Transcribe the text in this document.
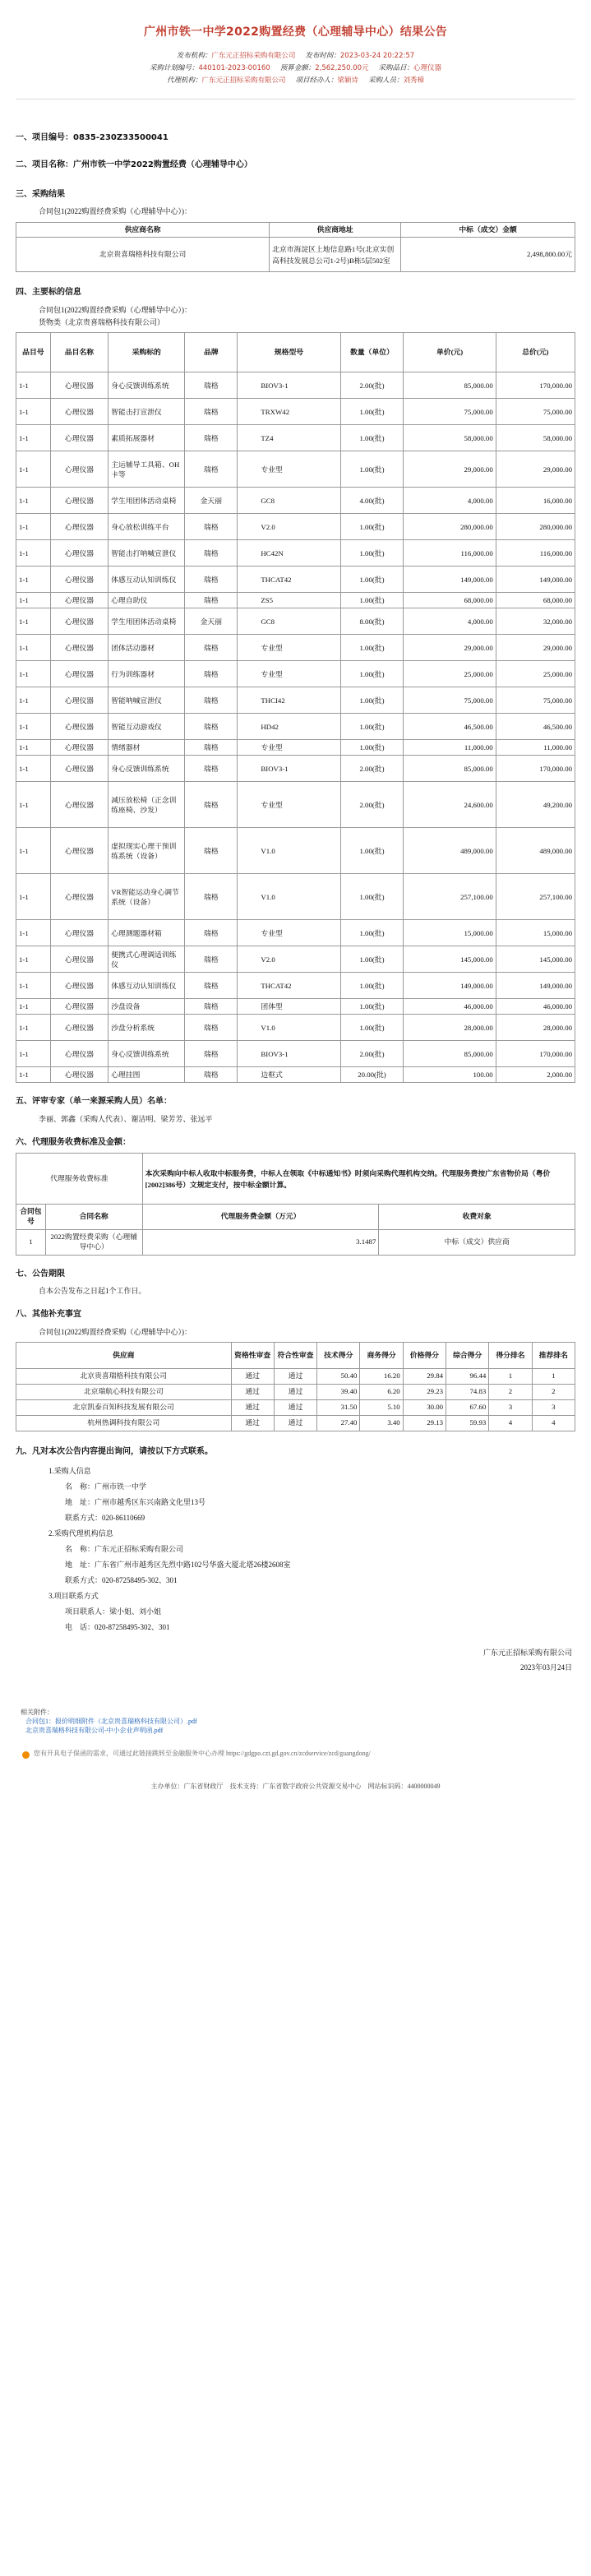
广州市铁一中学2022购置经费（心理辅导中心）结果公告
发布机构：广东元正招标采购有限公司 发布时间：2023-03-24 20:22:57
采购计划编号：440101-2023-00160 预算金额：2,562,250.00元 采购品目：心理仪器
代理机构：广东元正招标采购有限公司 项目经办人：梁颖诗 采购人员：刘秀樟
一、项目编号：0835-230Z33500041
二、项目名称：广州市铁一中学2022购置经费（心理辅导中心）
三、采购结果
合同包1(2022购置经费采购（心理辅导中心）)：
供应商名称	供应商地址	中标（成交）金额
北京贵喜瑞格科技有限公司	北京市海淀区上地信息路1号(北京实创高科技发展总公司1-2号)B栋5层502室	2,498,800.00元
四、主要标的信息
合同包1(2022购置经费采购（心理辅导中心）)：
货物类（北京贵喜瑞格科技有限公司）
品目号	品目名称	采购标的	品牌	规格型号	数量（单位）	单价(元)	总价(元)
1-1	心理仪器	身心反馈训练系统	瑞格	BIOV3-1	2.00(批)	85,000.00	170,000.00
1-1	心理仪器	智能击打宣泄仪	瑞格	TRXW42	1.00(批)	75,000.00	75,000.00
1-1	心理仪器	素质拓展器材	瑞格	TZ4	1.00(批)	58,000.00	58,000.00
1-1	心理仪器	主运辅导工具箱、OH卡等	瑞格	专业型	1.00(批)	29,000.00	29,000.00
1-1	心理仪器	学生用团体活动桌椅	金天丽	GC8	4.00(批)	4,000.00	16,000.00
1-1	心理仪器	身心放松训练平台	瑞格	V2.0	1.00(批)	280,000.00	280,000.00
1-1	心理仪器	智能击打呐喊宣泄仪	瑞格	HC42N	1.00(批)	116,000.00	116,000.00
1-1	心理仪器	体感互动认知训练仪	瑞格	THCAT42	1.00(批)	149,000.00	149,000.00
1-1	心理仪器	心理自助仪	瑞格	ZS5	1.00(批)	68,000.00	68,000.00
1-1	心理仪器	学生用团体活动桌椅	金天丽	GC8	8.00(批)	4,000.00	32,000.00
1-1	心理仪器	团体活动器材	瑞格	专业型	1.00(批)	29,000.00	29,000.00
1-1	心理仪器	行为训练器材	瑞格	专业型	1.00(批)	25,000.00	25,000.00
1-1	心理仪器	智能呐喊宣泄仪	瑞格	THCI42	1.00(批)	75,000.00	75,000.00
1-1	心理仪器	智能互动游戏仪	瑞格	HD42	1.00(批)	46,500.00	46,500.00
1-1	心理仪器	情绪器材	瑞格	专业型	1.00(批)	11,000.00	11,000.00
1-1	心理仪器	身心反馈训练系统	瑞格	BIOV3-1	2.00(批)	85,000.00	170,000.00
1-1	心理仪器	减压放松椅（正念训练座椅、沙发）	瑞格	专业型	2.00(批)	24,600.00	49,200.00
1-1	心理仪器	虚拟现实心理干预训练系统（设备）	瑞格	V1.0	1.00(批)	489,000.00	489,000.00
1-1	心理仪器	VR智能运动身心调节系统（设备）	瑞格	V1.0	1.00(批)	257,100.00	257,100.00
1-1	心理仪器	心理测题器材箱	瑞格	专业型	1.00(批)	15,000.00	15,000.00
1-1	心理仪器	便携式心理调适训练仪	瑞格	V2.0	1.00(批)	145,000.00	145,000.00
1-1	心理仪器	体感互动认知训练仪	瑞格	THCAT42	1.00(批)	149,000.00	149,000.00
1-1	心理仪器	沙盘设备	瑞格	团体型	1.00(批)	46,000.00	46,000.00
1-1	心理仪器	沙盘分析系统	瑞格	V1.0	1.00(批)	28,000.00	28,000.00
1-1	心理仪器	身心反馈训练系统	瑞格	BIOV3-1	2.00(批)	85,000.00	170,000.00
1-1	心理仪器	心理挂图	瑞格	边框式	20.00(批)	100.00	2,000.00
五、评审专家（单一来源采购人员）名单：
李丽、郭鑫（采购人代表）、谢洁明、梁芳芳、张远平
六、代理服务收费标准及金额：
代理服务收费标准		本次采购向中标人收取中标服务费，中标人在领取《中标通知书》时须向采购代理机构交纳。代理服务费按广东省物价局（粤价[2002]386号）文规定支付，按中标金额计算。	
合同包号	合同名称	代理服务费金额（万元）	收费对象
1	2022购置经费采购（心理辅导中心）	3.1487	中标（成交）供应商
七、公告期限
自本公告发布之日起1个工作日。
八、其他补充事宜
合同包1(2022购置经费采购（心理辅导中心）)：
供应商	资格性审查	符合性审查	技术得分	商务得分	价格得分	综合得分	得分排名	推荐排名
北京贵喜瑞格科技有限公司	通过	通过	50.40	16.20	29.84	96.44	1	1
北京瑞航心科技有限公司	通过	通过	39.40	6.20	29.23	74.83	2	2
北京凯泰百知科技发展有限公司	通过	通过	31.50	5.10	30.00	67.60	3	3
杭州热调科技有限公司	通过	通过	27.40	3.40	29.13	59.93	4	4
九、凡对本次公告内容提出询问，请按以下方式联系。
1.采购人信息
名　称：广州市铁一中学
地　址：广州市越秀区东兴南路文化里13号
联系方式：020-86110669
2.采购代理机构信息
名　称：广东元正招标采购有限公司
地　址：广东省广州市越秀区先烈中路102号华盛大厦北塔26楼2608室
联系方式：020-87258495-302、301
3.项目联系方式
项目联系人：梁小姐、刘小姐
电　话：020-87258495-302、301
广东元正招标采购有限公司
2023年03月24日
相关附件：
合同包1：报价明细附件（北京贵喜瑞格科技有限公司）.pdf
北京贵喜瑞格科技有限公司-中小企业声明函.pdf
您有开具电子保函的需求，可通过此链接跳转至金融服务中心办理 https://gdgpo.czt.gd.gov.cn/zcdservice/zcd/guangdong/
主办单位：广东省财政厅　技术支持：广东省数字政府公共资源交易中心　网站标识码：4400000049
